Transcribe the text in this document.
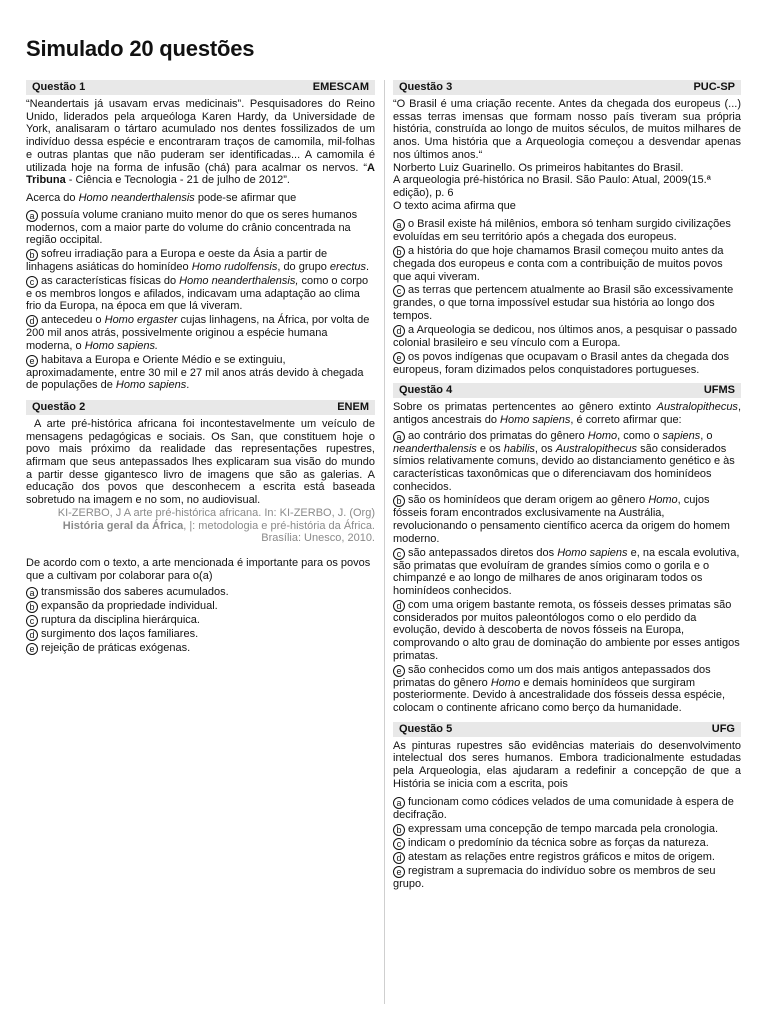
Simulado 20 questões
Questão 1	EMESCAM

“Neandertais já usavam ervas medicinais”. Pesquisadores do Reino Unido, liderados pela arqueóloga Karen Hardy, da Universidade de York, analisaram o tártaro acumulado nos dentes fossilizados de um indivíduo dessa espécie e encontraram traços de camomila, mil-folhas e outras plantas que não puderam ser identificadas... A camomila é utilizada hoje na forma de infusão (chá) para acalmar os nervos. “A Tribuna - Ciência e Tecnologia - 21 de julho de 2012”.

Acerca do Homo neanderthalensis pode-se afirmar que

a possuía volume craniano muito menor do que os seres humanos modernos, com a maior parte do volume do crânio concentrada na região occipital.
b sofreu irradiação para a Europa e oeste da Ásia a partir de linhagens asiáticas do hominídeo Homo rudolfensis, do grupo erectus.
c as características físicas do Homo neanderthalensis, como o corpo e os membros longos e afilados, indicavam uma adaptação ao clima frio da Europa, na época em que lá viveram.
d antecedeu o Homo ergaster cujas linhagens, na África, por volta de 200 mil anos atrás, possivelmente originou a espécie humana moderna, o Homo sapiens.
e habitava a Europa e Oriente Médio e se extinguiu, aproximadamente, entre 30 mil e 27 mil anos atrás devido à chegada de populações de Homo sapiens.
Questão 2	ENEM

A arte pré-histórica africana foi incontestavelmente um veículo de mensagens pedagógicas e sociais. Os San, que constituem hoje o povo mais próximo da realidade das representações rupestres, afirmam que seus antepassados lhes explicaram sua visão do mundo a partir desse gigantesco livro de imagens que são as galerias. A educação dos povos que desconhecem a escrita está baseada sobretudo na imagem e no som, no audiovisual.

KI-ZERBO, J A arte pré-histórica africana. In: KI-ZERBO, J. (Org)
História geral da África, |: metodologia e pré-história da África. Brasília: Unesco, 2010.

De acordo com o texto, a arte mencionada é importante para os povos que a cultivam por colaborar para o(a)

a transmissão dos saberes acumulados.
b expansão da propriedade individual.
c ruptura da disciplina hierárquica.
d surgimento dos laços familiares.
e rejeição de práticas exógenas.
Questão 3	PUC-SP

“O Brasil é uma criação recente. Antes da chegada dos europeus (...) essas terras imensas que formam nosso país tiveram sua própria história, construída ao longo de muitos séculos, de muitos milhares de anos. Uma história que a Arqueologia começou a desvendar apenas nos últimos anos.“

Norberto Luiz Guarinello. Os primeiros habitantes do Brasil.

A arqueologia pré-histórica no Brasil. São Paulo: Atual, 2009(15.ª edição), p. 6

O texto acima afirma que

a o Brasil existe há milênios, embora só tenham surgido civilizações evoluídas em seu território após a chegada dos europeus.
b a história do que hoje chamamos Brasil começou muito antes da chegada dos europeus e conta com a contribuição de muitos povos que aqui viveram.
c as terras que pertencem atualmente ao Brasil são excessivamente grandes, o que torna impossível estudar sua história ao longo dos tempos.
d a Arqueologia se dedicou, nos últimos anos, a pesquisar o passado colonial brasileiro e seu vínculo com a Europa.
e os povos indígenas que ocupavam o Brasil antes da chegada dos europeus, foram dizimados pelos conquistadores portugueses.
Questão 4	UFMS

Sobre os primatas pertencentes ao gênero extinto Australopithecus, antigos ancestrais do Homo sapiens, é correto afirmar que:

a ao contrário dos primatas do gênero Homo, como o sapiens, o neanderthalensis e os habilis, os Australopithecus são considerados símios relativamente comuns, devido ao distanciamento genético e às características taxonômicas que o diferenciavam dos hominídeos conhecidos.
b são os hominídeos que deram origem ao gênero Homo, cujos fósseis foram encontrados exclusivamente na Austrália, revolucionando o pensamento científico acerca da origem do homem moderno.
c são antepassados diretos dos Homo sapiens e, na escala evolutiva, são primatas que evoluíram de grandes símios como o gorila e o chimpanzé e ao longo de milhares de anos originaram todos os hominídeos conhecidos.
d com uma origem bastante remota, os fósseis desses primatas são considerados por muitos paleontólogos como o elo perdido da evolução, devido à descoberta de novos fósseis na Europa, comprovando o alto grau de dominação do ambiente por esses antigos primatas.
e são conhecidos como um dos mais antigos antepassados dos primatas do gênero Homo e demais hominídeos que surgiram posteriormente. Devido à ancestralidade dos fósseis dessa espécie, colocam o continente africano como berço da humanidade.
Questão 5	UFG

As pinturas rupestres são evidências materiais do desenvolvimento intelectual dos seres humanos. Embora tradicionalmente estudadas pela Arqueologia, elas ajudaram a redefinir a concepção de que a História se inicia com a escrita, pois

a funcionam como códices velados de uma comunidade à espera de decifração.
b expressam uma concepção de tempo marcada pela cronologia.
c indicam o predomínio da técnica sobre as forças da natureza.
d atestam as relações entre registros gráficos e mitos de origem.
e registram a supremacia do indivíduo sobre os membros de seu grupo.
